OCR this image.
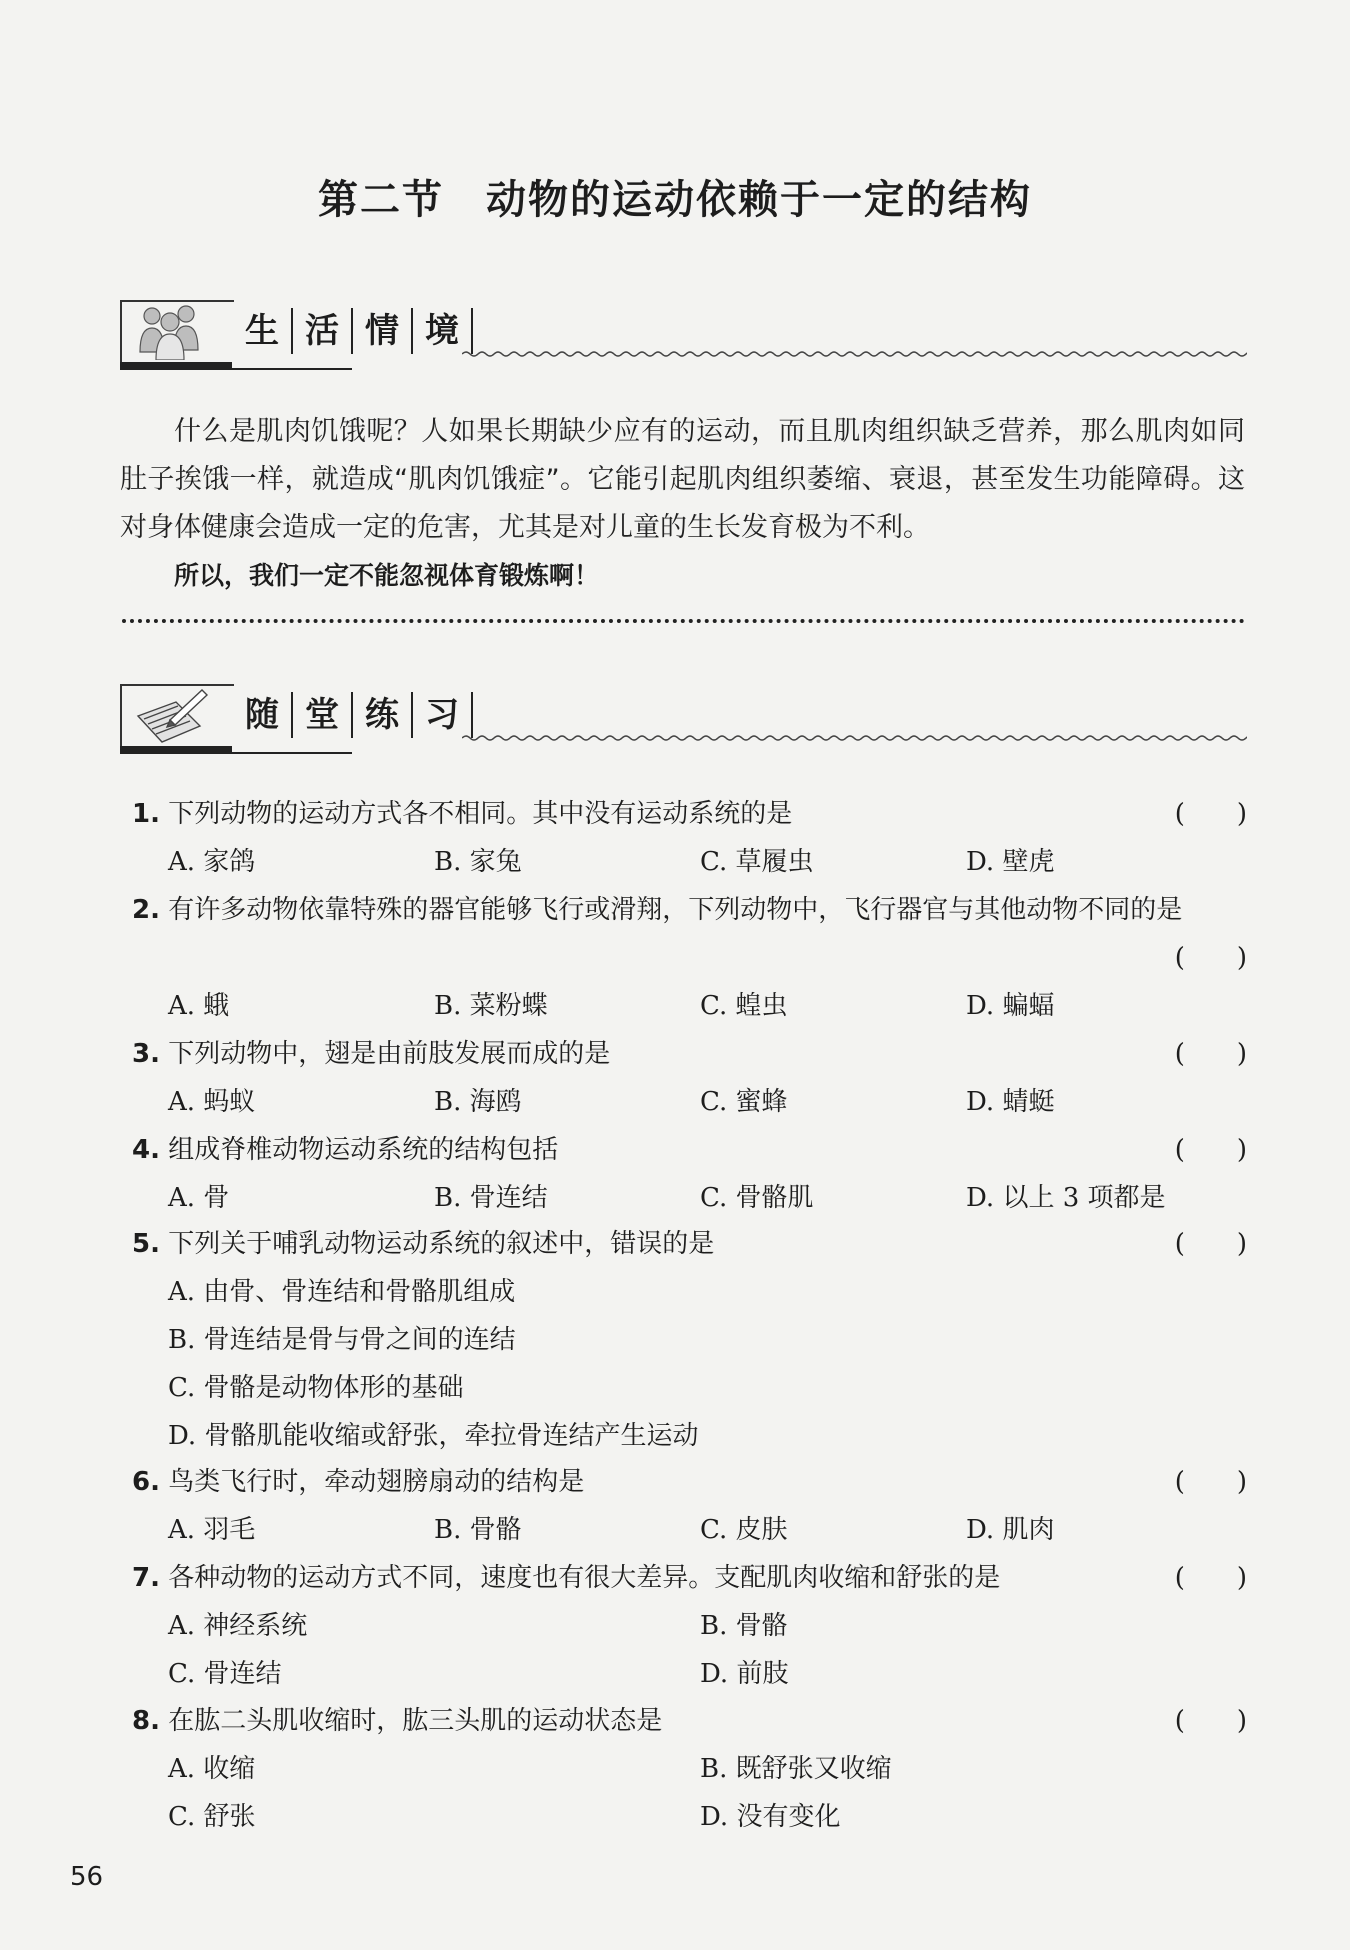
第二节　动物的运动依赖于一定的结构
生 活 情 境
什么是肌肉饥饿呢？人如果长期缺少应有的运动，而且肌肉组织缺乏营养，那么肌肉如同肚子挨饿一样，就造成“肌肉饥饿症”。它能引起肌肉组织萎缩、衰退，甚至发生功能障碍。这对身体健康会造成一定的危害，尤其是对儿童的生长发育极为不利。
所以，我们一定不能忽视体育锻炼啊！
随 堂 练 习
1. 下列动物的运动方式各不相同。其中没有运动系统的是	(　　)
A. 家鸽	B. 家兔	C. 草履虫	D. 壁虎
2. 有许多动物依靠特殊的器官能够飞行或滑翔，下列动物中，飞行器官与其他动物不同的是
(　　)
A. 蛾	B. 菜粉蝶	C. 蝗虫	D. 蝙蝠
3. 下列动物中，翅是由前肢发展而成的是	(　　)
A. 蚂蚁	B. 海鸥	C. 蜜蜂	D. 蜻蜓
4. 组成脊椎动物运动系统的结构包括	(　　)
A. 骨	B. 骨连结	C. 骨骼肌	D. 以上 3 项都是
5. 下列关于哺乳动物运动系统的叙述中，错误的是	(　　)
A. 由骨、骨连结和骨骼肌组成
B. 骨连结是骨与骨之间的连结
C. 骨骼是动物体形的基础
D. 骨骼肌能收缩或舒张，牵拉骨连结产生运动
6. 鸟类飞行时，牵动翅膀扇动的结构是	(　　)
A. 羽毛	B. 骨骼	C. 皮肤	D. 肌肉
7. 各种动物的运动方式不同，速度也有很大差异。支配肌肉收缩和舒张的是	(　　)
A. 神经系统	B. 骨骼
C. 骨连结	D. 前肢
8. 在肱二头肌收缩时，肱三头肌的运动状态是	(　　)
A. 收缩	B. 既舒张又收缩
C. 舒张	D. 没有变化
56
